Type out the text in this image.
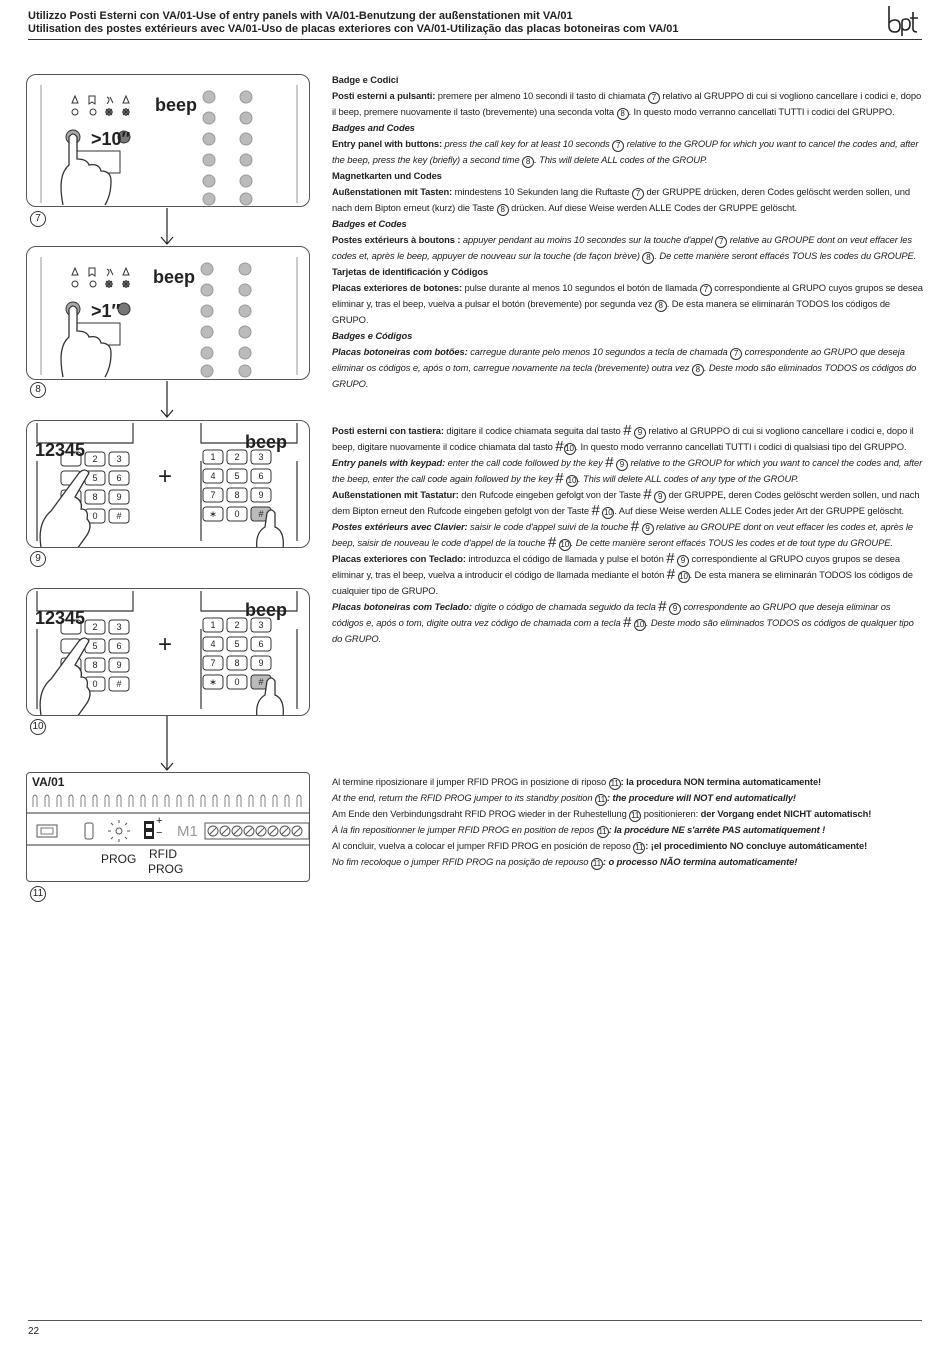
Utilizzo Posti Esterni con VA/01-Use of entry panels with VA/01-Benutzung der außenstationen mit VA/01
Utilisation des postes extérieurs avec VA/01-Uso de placas exteriores con VA/01-Utilização das placas botoneiras com VA/01
beep
>10″
7
beep
>1″
8
2 3
5 6
8 9
0 #
1 2 3
4 5 6
7 8 9
∗ 0 #
12345
+
beep
9
2 3
5 6
8 9
0 #
1 2 3
4 5 6
7 8 9
∗ 0 #
12345
+
beep
10
VA/01
+
− M1
PROG RFID
PROG
11

Badge e Codici

Posti esterni a pulsanti: premere per almeno 10 secondi il tasto di chiamata 7 relativo al GRUPPO di cui si vogliono cancellare i codici e, dopo il beep, premere nuovamente il tasto (brevemente) una seconda volta 8 . In questo modo verranno cancellati TUTTI i codici del GRUPPO.

Badges and Codes

Entry panel with buttons: press the call key for at least 10 seconds 7 relative to the GROUP for which you want to cancel the codes and, after the beep, press the key (briefly) a second time 8 . This will delete ALL codes of the GROUP.

Magnetkarten und Codes

Außenstationen mit Tasten: mindestens 10 Sekunden lang die Ruftaste 7 der GRUPPE drücken, deren Codes gelöscht werden sollen, und nach dem Bipton erneut (kurz) die Taste 8 drücken. Auf diese Weise werden ALLE Codes der GRUPPE gelöscht.

Badges et Codes

Postes extérieurs à boutons : appuyer pendant au moins 10 secondes sur la touche d'appel 7 relative au GROUPE dont on veut effacer les codes et, après le beep, appuyer de nouveau sur la touche (de façon brève) 8 . De cette manière seront effacés TOUS les codes du GROUPE.

Tarjetas de identificación y Códigos

Placas exteriores de botones: pulse durante al menos 10 segundos el botón de llamada 7 correspondiente al GRUPO cuyos grupos se desea eliminar y, tras el beep, vuelva a pulsar el botón (brevemente) por segunda vez 8 . De esta manera se eliminarán TODOS los códigos de GRUPO.

Badges e Códigos

Placas botoneiras com botões: carregue durante pelo menos 10 segundos a tecla de chamada 7 correspondente ao GRUPO que deseja eliminar os códigos e, após o tom, carregue novamente na tecla (brevemente) outra vez 8 . Deste modo são eliminados TODOS os códigos do GRUPO.

Posti esterni con tastiera: digitare il codice chiamata seguita dal tasto # 9 relativo al GRUPPO di cui si vogliono cancellare i codici e, dopo il beep, digitare nuovamente il codice chiamata dal tasto # 10 . In questo modo verranno cancellati TUTTI i codici di qualsiasi tipo del GRUPPO.

Entry panels with keypad: enter the call code followed by the key # 9 relative to the GROUP for which you want to cancel the codes and, after the beep, enter the call code again followed by the key # 10 . This will delete ALL codes of any type of the GROUP.

Außenstationen mit Tastatur: den Rufcode eingeben gefolgt von der Taste # 9 der GRUPPE, deren Codes gelöscht werden sollen, und nach dem Bipton erneut den Rufcode eingeben gefolgt von der Taste # 10 . Auf diese Weise werden ALLE Codes jeder Art der GRUPPE gelöscht.

Postes extérieurs avec Clavier: saisir le code d'appel suivi de la touche # 9 relative au GROUPE dont on veut effacer les codes et, après le beep, saisir de nouveau le code d'appel de la touche # 10 . De cette manière seront effacés TOUS les codes et de tout type du GROUPE.

Placas exteriores con Teclado: introduzca el código de llamada y pulse el botón # 9 correspondiente al GRUPO cuyos grupos se desea eliminar y, tras el beep, vuelva a introducir el código de llamada mediante el botón # 10 . De esta manera se eliminarán TODOS los códigos de cualquier tipo de GRUPO.

Placas botoneiras com Teclado: digite o código de chamada seguido da tecla # 9 correspondente ao GRUPO que deseja eliminar os códigos e, após o tom, digite outra vez código de chamada com a tecla # 10 . Deste modo são eliminados TODOS os códigos de qualquer tipo do GRUPO.

Al termine riposizionare il jumper RFID PROG in posizione di riposo 11 : la procedura NON termina automaticamente!

At the end, return the RFID PROG jumper to its standby position 11 : the procedure will NOT end automatically!

Am Ende den Verbindungsdraht RFID PROG wieder in der Ruhestellung 11 positionieren: der Vorgang endet NICHT automatisch!

À la fin repositionner le jumper RFID PROG en position de repos 11 : la procédure NE s'arrête PAS automatiquement !

Al concluir, vuelva a colocar el jumper RFID PROG en posición de reposo 11 : ¡el procedimiento NO concluye automáticamente!

No fim recoloque o jumper RFID PROG na posição de repouso 11 : o processo NÃO termina automaticamente!

22
